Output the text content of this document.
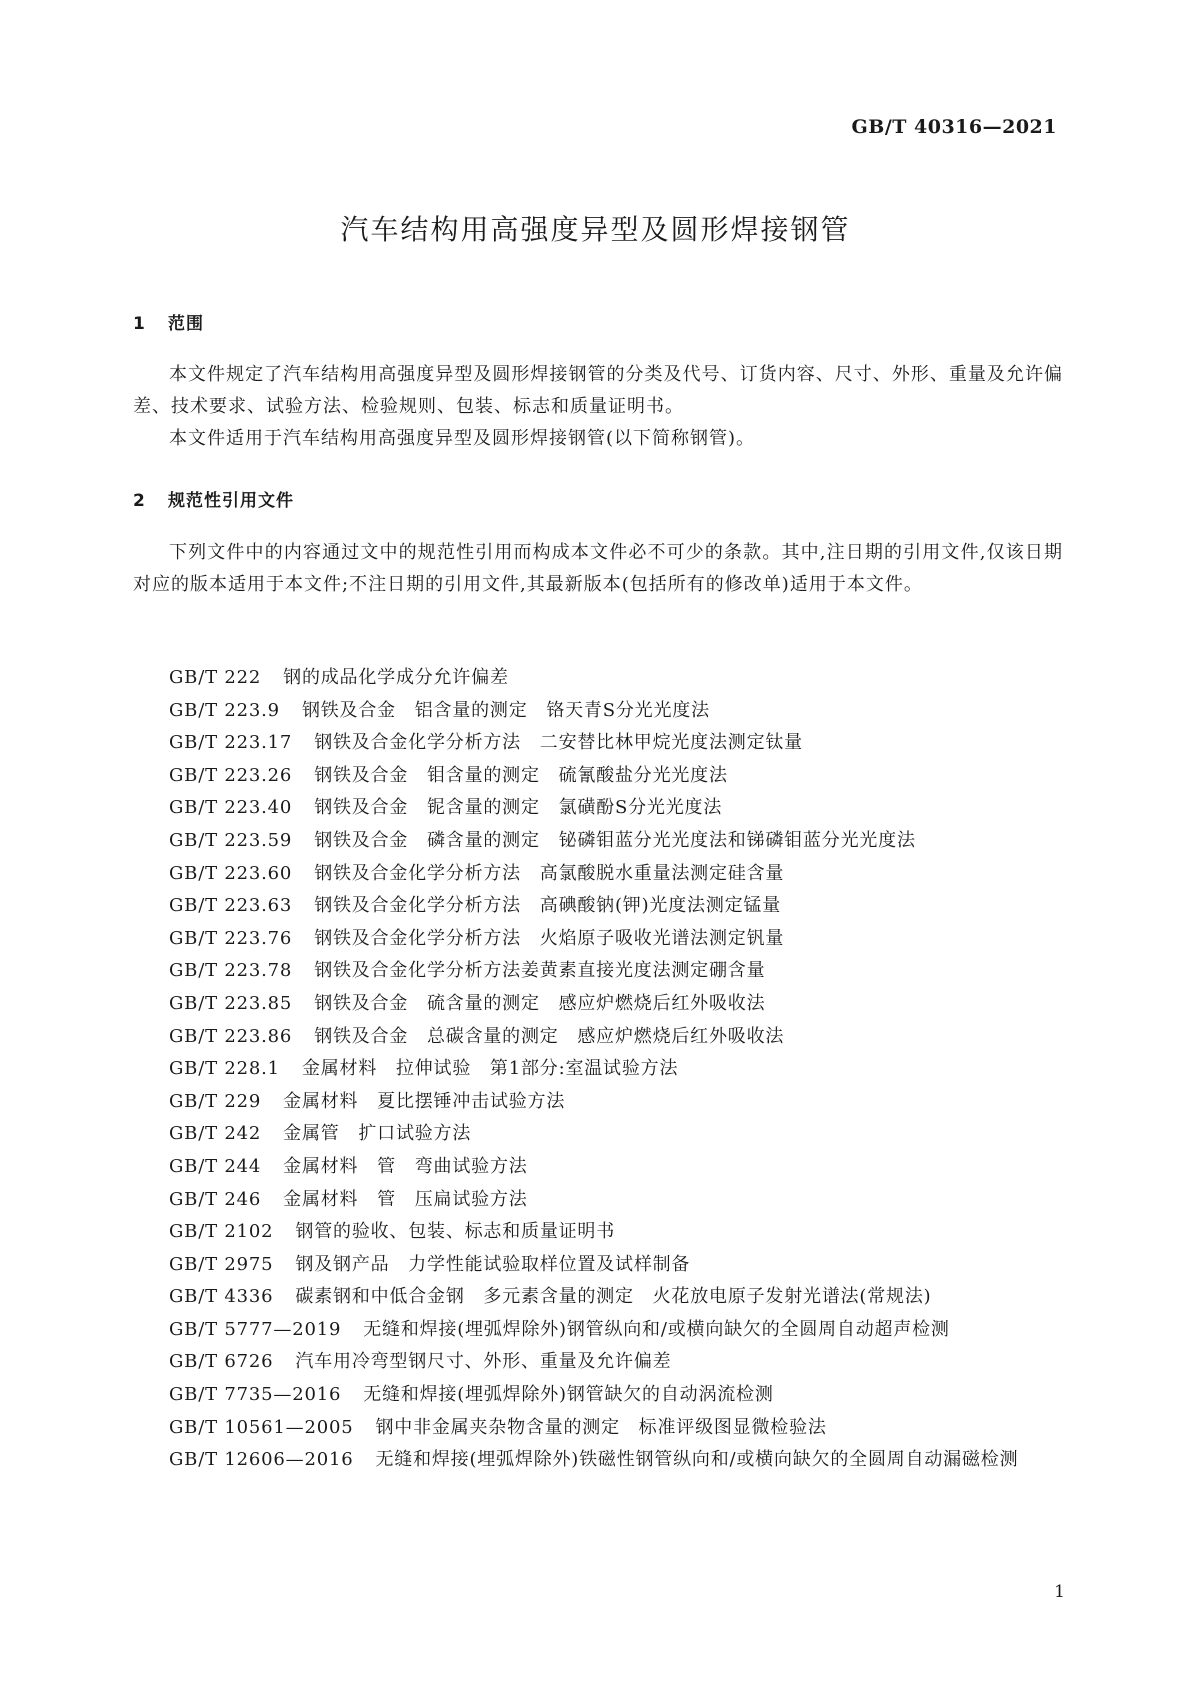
GB/T 40316—2021
汽车结构用高强度异型及圆形焊接钢管
1 范围

本文件规定了汽车结构用高强度异型及圆形焊接钢管的分类及代号、订货内容、尺寸、外形、重量及允许偏差、技术要求、试验方法、检验规则、包装、标志和质量证明书。

本文件适用于汽车结构用高强度异型及圆形焊接钢管(以下简称钢管)。

2 规范性引用文件

下列文件中的内容通过文中的规范性引用而构成本文件必不可少的条款。其中,注日期的引用文件,仅该日期对应的版本适用于本文件;不注日期的引用文件,其最新版本(包括所有的修改单)适用于本文件。

GB/T 222 钢的成品化学成分允许偏差
GB/T 223.9 钢铁及合金　铝含量的测定　铬天青S分光光度法
GB/T 223.17 钢铁及合金化学分析方法　二安替比林甲烷光度法测定钛量
GB/T 223.26 钢铁及合金　钼含量的测定　硫氰酸盐分光光度法
GB/T 223.40 钢铁及合金　铌含量的测定　氯磺酚S分光光度法
GB/T 223.59 钢铁及合金　磷含量的测定　铋磷钼蓝分光光度法和锑磷钼蓝分光光度法
GB/T 223.60 钢铁及合金化学分析方法　高氯酸脱水重量法测定硅含量
GB/T 223.63 钢铁及合金化学分析方法　高碘酸钠(钾)光度法测定锰量
GB/T 223.76 钢铁及合金化学分析方法　火焰原子吸收光谱法测定钒量
GB/T 223.78 钢铁及合金化学分析方法姜黄素直接光度法测定硼含量
GB/T 223.85 钢铁及合金　硫含量的测定　感应炉燃烧后红外吸收法
GB/T 223.86 钢铁及合金　总碳含量的测定　感应炉燃烧后红外吸收法
GB/T 228.1 金属材料　拉伸试验　第1部分:室温试验方法
GB/T 229 金属材料　夏比摆锤冲击试验方法
GB/T 242 金属管　扩口试验方法
GB/T 244 金属材料　管　弯曲试验方法
GB/T 246 金属材料　管　压扁试验方法
GB/T 2102 钢管的验收、包装、标志和质量证明书
GB/T 2975 钢及钢产品　力学性能试验取样位置及试样制备
GB/T 4336 碳素钢和中低合金钢　多元素含量的测定　火花放电原子发射光谱法(常规法)
GB/T 5777—2019 无缝和焊接(埋弧焊除外)钢管纵向和/或横向缺欠的全圆周自动超声检测
GB/T 6726 汽车用冷弯型钢尺寸、外形、重量及允许偏差
GB/T 7735—2016 无缝和焊接(埋弧焊除外)钢管缺欠的自动涡流检测
GB/T 10561—2005 钢中非金属夹杂物含量的测定　标准评级图显微检验法
GB/T 12606—2016 无缝和焊接(埋弧焊除外)铁磁性钢管纵向和/或横向缺欠的全圆周自动漏磁检测
1
